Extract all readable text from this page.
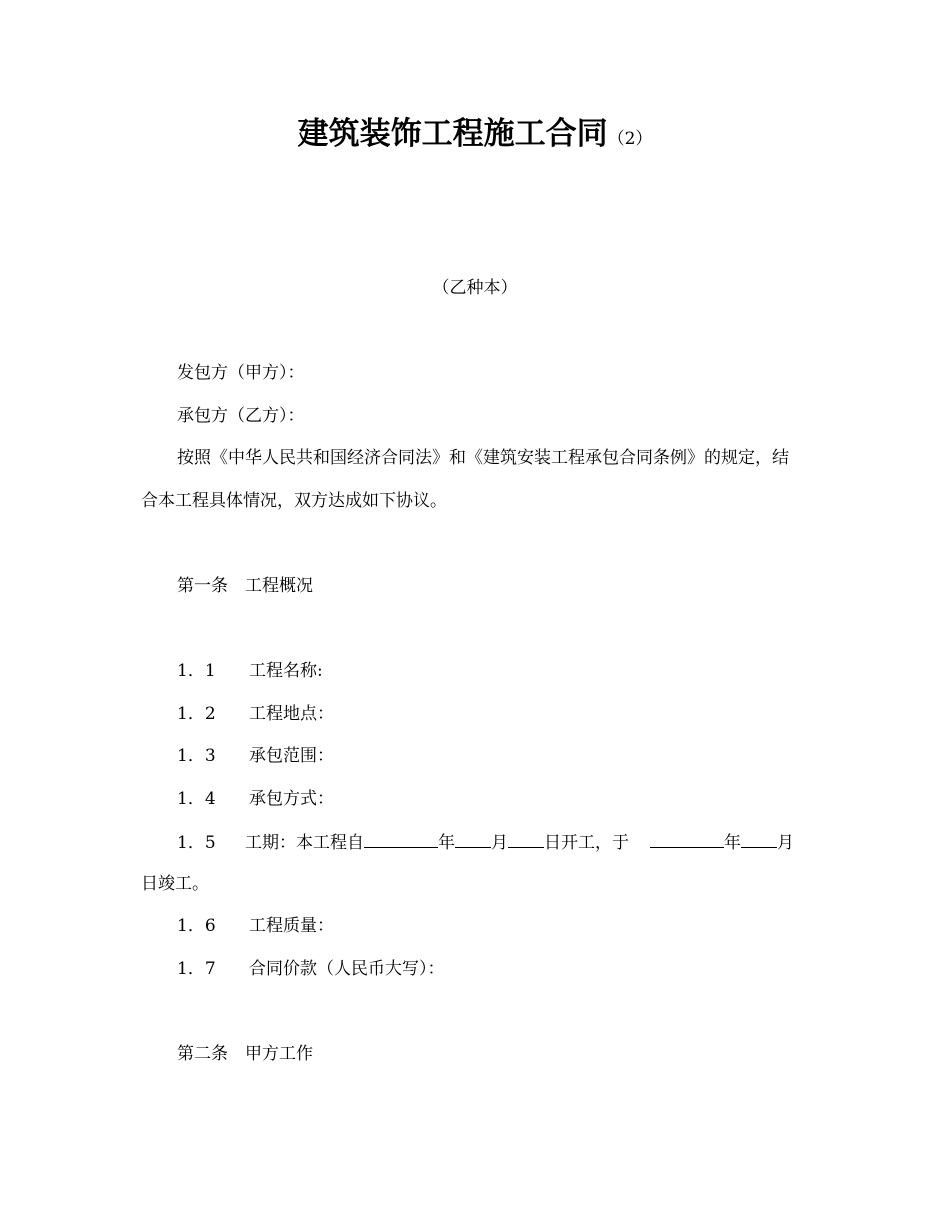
建筑装饰工程施工合同（2）
（乙种本）
发包方（甲方）：
承包方（乙方）：
按照《中华人民共和国经济合同法》和《建筑安装工程承包合同条例》的规定，结
合本工程具体情况，双方达成如下协议。
第一条　工程概况
1．1 工程名称:
1．2 工程地点：
1．3 承包范围：
1．4 承包方式：
1．5 工期：本工程自	年 月 日开工，于	年 月
日竣工。
1．6 工程质量：
1．7 合同价款（人民币大写）：
第二条　甲方工作
